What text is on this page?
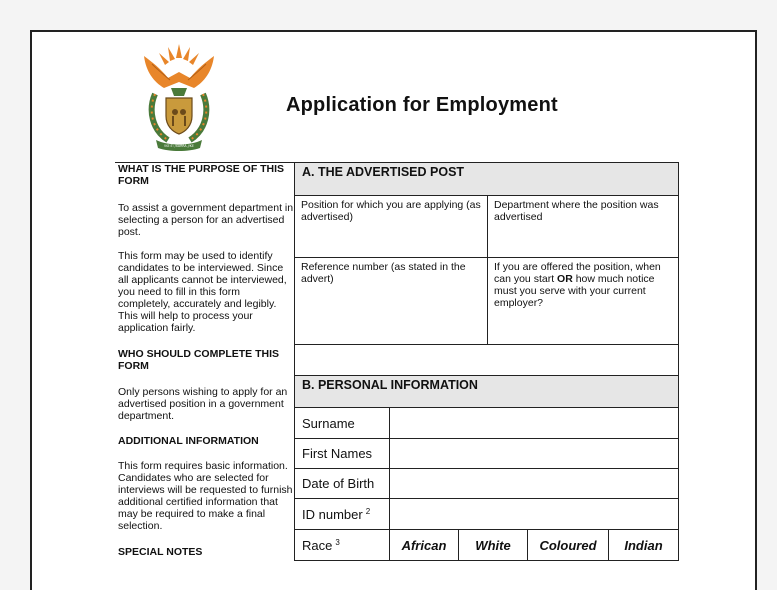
!KE E: /XARRA //KE
Application for Employment
WHAT IS THE PURPOSE OF THIS FORM

To assist a government department in selecting a person for an advertised post.

This form may be used to identify candidates to be interviewed. Since all applicants cannot be interviewed, you need to fill in this form completely, accurately and legibly. This will help to process your application fairly.

WHO SHOULD COMPLETE THIS FORM

Only persons wishing to apply for an advertised position in a government department.

ADDITIONAL INFORMATION

This form requires basic information. Candidates who are selected for interviews will be requested to furnish additional certified information that may be required to make a final selection.

SPECIAL NOTES
A. THE ADVERTISED POST
Position for which you are applying (as advertised)
Department where the position was advertised
Reference number (as stated in the advert)
If you are offered the position, when can you start OR how much notice must you serve with your current employer?
B. PERSONAL INFORMATION
Surname
First Names
Date of Birth
ID number $^2$
Race $^3$	African White Coloured Indian
